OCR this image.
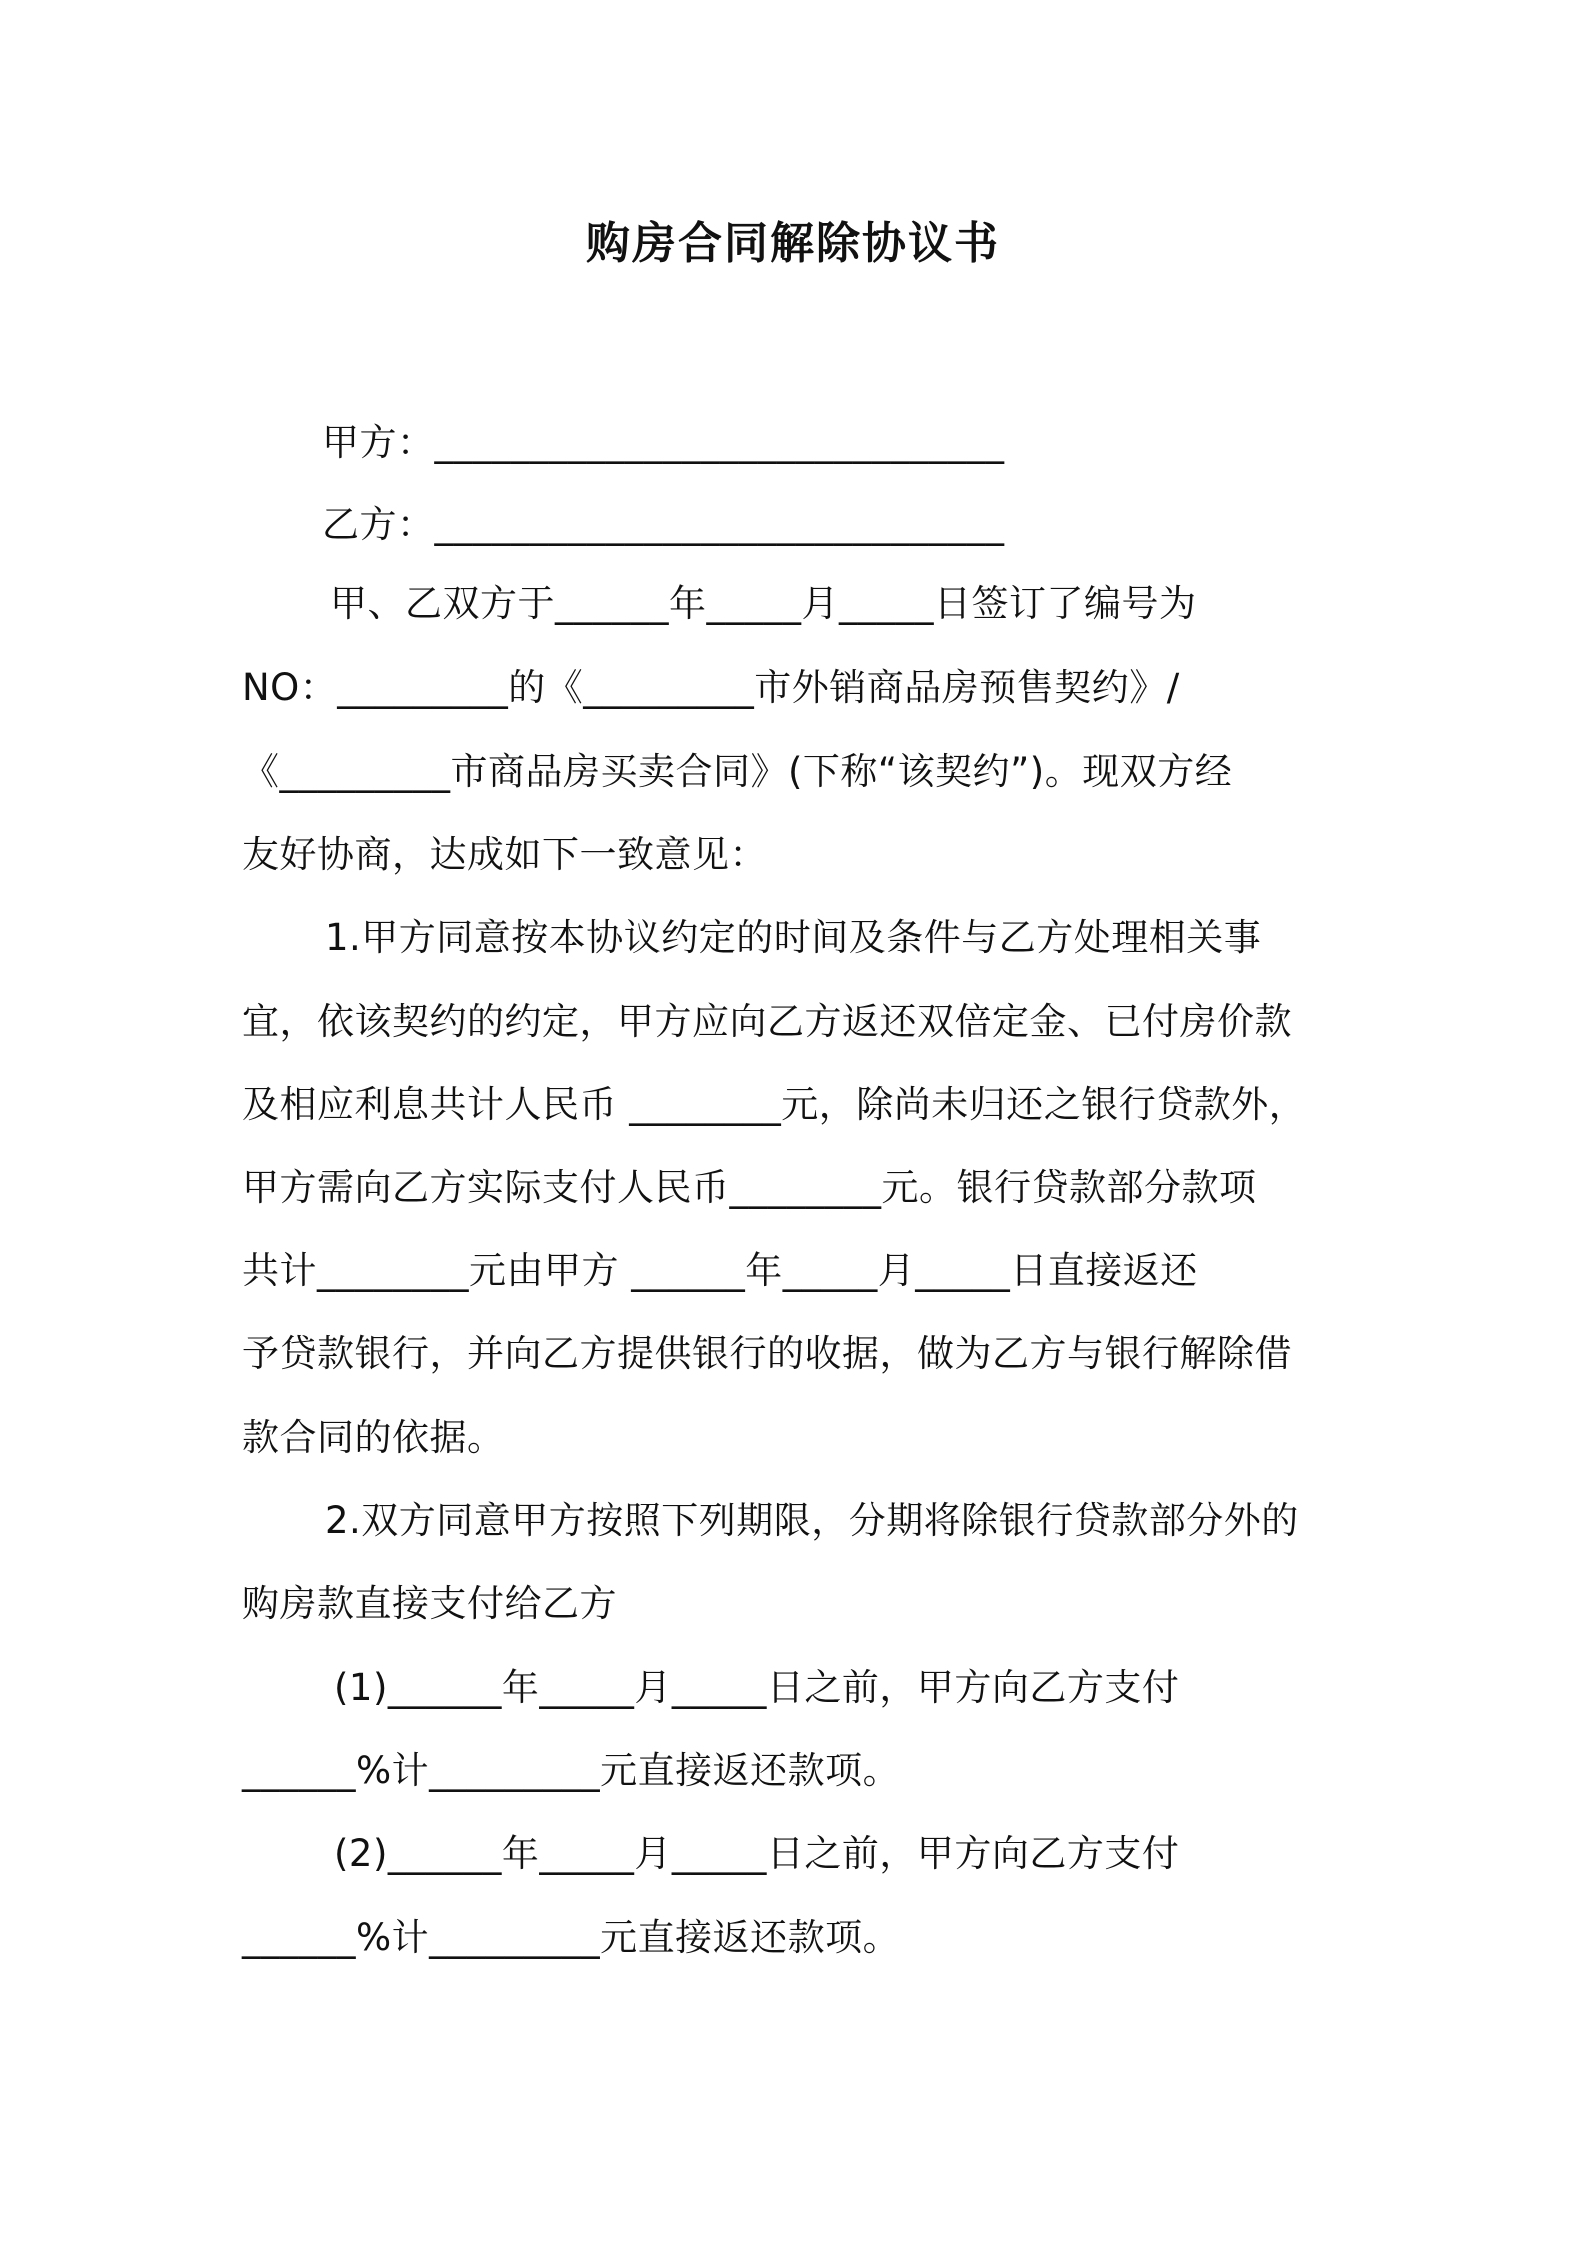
购房合同解除协议书

甲方：______________________________

乙方：______________________________

甲、乙双方于______年_____月_____日签订了编号为

NO：_________的《_________市外销商品房预售契约》/

《_________市商品房买卖合同》(下称“该契约”)。现双方经

友好协商，达成如下一致意见：

1.甲方同意按本协议约定的时间及条件与乙方处理相关事

宜，依该契约的约定，甲方应向乙方返还双倍定金、已付房价款

及相应利息共计人民币 ________元，除尚未归还之银行贷款外，

甲方需向乙方实际支付人民币________元。银行贷款部分款项

共计________元由甲方 ______年_____月_____日直接返还

予贷款银行，并向乙方提供银行的收据，做为乙方与银行解除借

款合同的依据。

2.双方同意甲方按照下列期限，分期将除银行贷款部分外的

购房款直接支付给乙方

(1)______年_____月_____日之前，甲方向乙方支付

______%计_________元直接返还款项。

(2)______年_____月_____日之前，甲方向乙方支付

______%计_________元直接返还款项。
